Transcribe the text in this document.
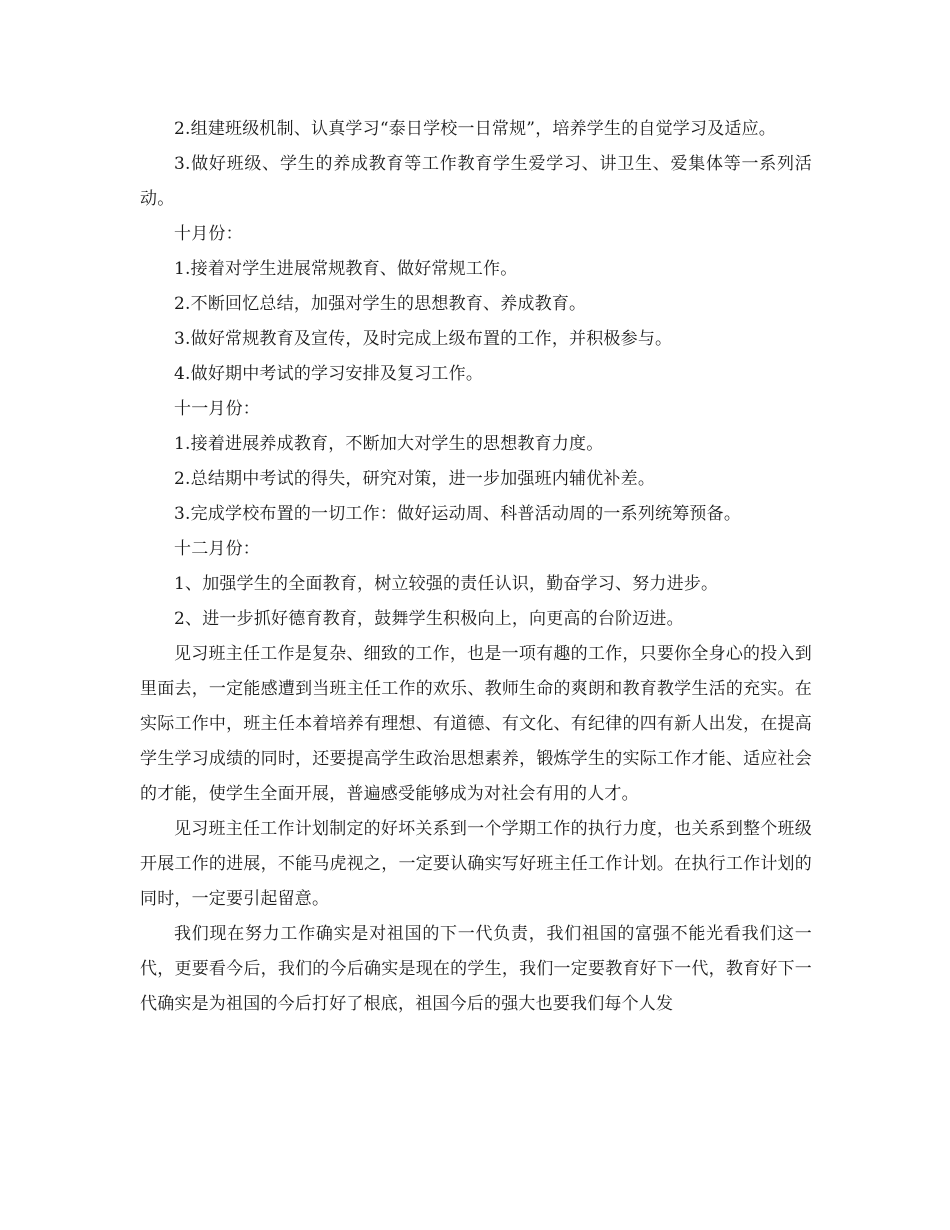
2.组建班级机制、认真学习“泰日学校一日常规”，培养学生的自觉学习及适应。

3.做好班级、学生的养成教育等工作教育学生爱学习、讲卫生、爱集体等一系列活动。

十月份：

1.接着对学生进展常规教育、做好常规工作。

2.不断回忆总结，加强对学生的思想教育、养成教育。

3.做好常规教育及宣传，及时完成上级布置的工作，并积极参与。

4.做好期中考试的学习安排及复习工作。

十一月份：

1.接着进展养成教育，不断加大对学生的思想教育力度。

2.总结期中考试的得失，研究对策，进一步加强班内辅优补差。

3.完成学校布置的一切工作：做好运动周、科普活动周的一系列统筹预备。

十二月份：

1、加强学生的全面教育，树立较强的责任认识，勤奋学习、努力进步。

2、进一步抓好德育教育，鼓舞学生积极向上，向更高的台阶迈进。

见习班主任工作是复杂、细致的工作，也是一项有趣的工作，只要你全身心的投入到里面去，一定能感遭到当班主任工作的欢乐、教师生命的爽朗和教育教学生活的充实。在实际工作中，班主任本着培养有理想、有道德、有文化、有纪律的四有新人出发，在提高学生学习成绩的同时，还要提高学生政治思想素养，锻炼学生的实际工作才能、适应社会的才能，使学生全面开展，普遍感受能够成为对社会有用的人才。

见习班主任工作计划制定的好坏关系到一个学期工作的执行力度，也关系到整个班级开展工作的进展，不能马虎视之，一定要认确实写好班主任工作计划。在执行工作计划的同时，一定要引起留意。

我们现在努力工作确实是对祖国的下一代负责，我们祖国的富强不能光看我们这一代，更要看今后，我们的今后确实是现在的学生，我们一定要教育好下一代，教育好下一代确实是为祖国的今后打好了根底，祖国今后的强大也要我们每个人发
